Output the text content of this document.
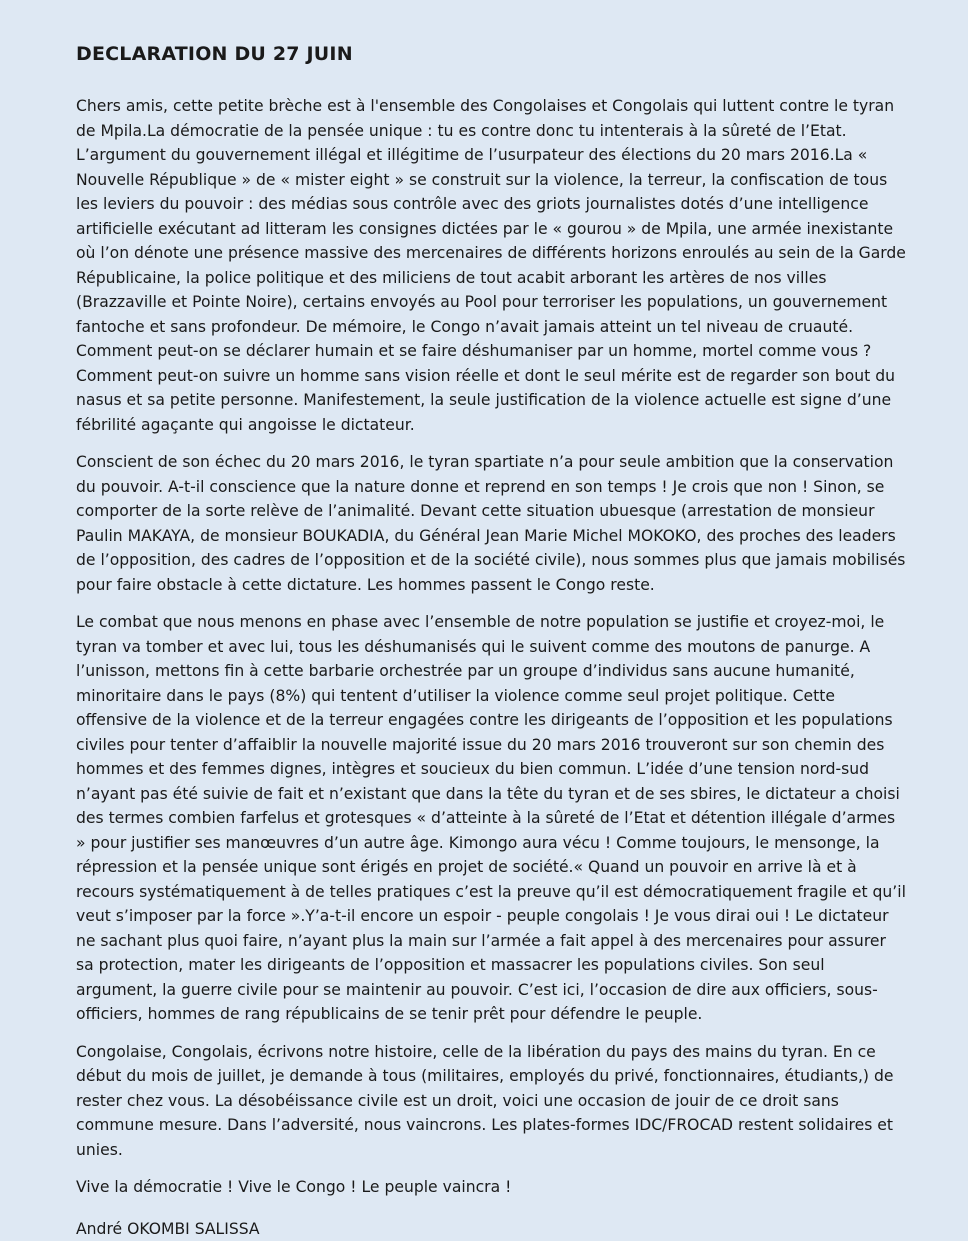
DECLARATION DU 27 JUIN

Chers amis, cette petite brèche est à l'ensemble des Congolaises et Congolais qui luttent contre le tyran de Mpila.La démocratie de la pensée unique : tu es contre donc tu intenterais à la sûreté de l’Etat. L’argument du gouvernement illégal et illégitime de l’usurpateur des élections du 20 mars 2016.La « Nouvelle République » de « mister eight » se construit sur la violence, la terreur, la confiscation de tous les leviers du pouvoir : des médias sous contrôle avec des griots journalistes dotés d’une intelligence artificielle exécutant ad litteram les consignes dictées par le « gourou » de Mpila, une armée inexistante où l’on dénote une présence massive des mercenaires de différents horizons enroulés au sein de la Garde Républicaine, la police politique et des miliciens de tout acabit arborant les artères de nos villes (Brazzaville et Pointe Noire), certains envoyés au Pool pour terroriser les populations, un gouvernement fantoche et sans profondeur. De mémoire, le Congo n’avait jamais atteint un tel niveau de cruauté. Comment peut-on se déclarer humain et se faire déshumaniser par un homme, mortel comme vous ? Comment peut-on suivre un homme sans vision réelle et dont le seul mérite est de regarder son bout du nasus et sa petite personne. Manifestement, la seule justification de la violence actuelle est signe d’une fébrilité agaçante qui angoisse le dictateur.

Conscient de son échec du 20 mars 2016, le tyran spartiate n’a pour seule ambition que la conservation du pouvoir. A-t-il conscience que la nature donne et reprend en son temps ! Je crois que non ! Sinon, se comporter de la sorte relève de l’animalité. Devant cette situation ubuesque (arrestation de monsieur Paulin MAKAYA, de monsieur BOUKADIA, du Général Jean Marie Michel MOKOKO, des proches des leaders de l’opposition, des cadres de l’opposition et de la société civile), nous sommes plus que jamais mobilisés pour faire obstacle à cette dictature. Les hommes passent le Congo reste.

Le combat que nous menons en phase avec l’ensemble de notre population se justifie et croyez-moi, le tyran va tomber et avec lui, tous les déshumanisés qui le suivent comme des moutons de panurge. A l’unisson, mettons fin à cette barbarie orchestrée par un groupe d’individus sans aucune humanité, minoritaire dans le pays (8%) qui tentent d’utiliser la violence comme seul projet politique. Cette offensive de la violence et de la terreur engagées contre les dirigeants de l’opposition et les populations civiles pour tenter d’affaiblir la nouvelle majorité issue du 20 mars 2016 trouveront sur son chemin des hommes et des femmes dignes, intègres et soucieux du bien commun. L’idée d’une tension nord-sud n’ayant pas été suivie de fait et n’existant que dans la tête du tyran et de ses sbires, le dictateur a choisi des termes combien farfelus et grotesques « d’atteinte à la sûreté de l’Etat et détention illégale d’armes » pour justifier ses manœuvres d’un autre âge. Kimongo aura vécu ! Comme toujours, le mensonge, la répression et la pensée unique sont érigés en projet de société.« Quand un pouvoir en arrive là et à recours systématiquement à de telles pratiques c’est la preuve qu’il est démocratiquement fragile et qu’il veut s’imposer par la force ».Y’a-t-il encore un espoir - peuple congolais ! Je vous dirai oui ! Le dictateur ne sachant plus quoi faire, n’ayant plus la main sur l’armée a fait appel à des mercenaires pour assurer sa protection, mater les dirigeants de l’opposition et massacrer les populations civiles. Son seul argument, la guerre civile pour se maintenir au pouvoir. C’est ici, l’occasion de dire aux officiers, sous-officiers, hommes de rang républicains de se tenir prêt pour défendre le peuple.

Congolaise, Congolais, écrivons notre histoire, celle de la libération du pays des mains du tyran. En ce début du mois de juillet, je demande à tous (militaires, employés du privé, fonctionnaires, étudiants,) de rester chez vous. La désobéissance civile est un droit, voici une occasion de jouir de ce droit sans commune mesure. Dans l’adversité, nous vaincrons. Les plates-formes IDC/FROCAD restent solidaires et unies.

Vive la démocratie ! Vive le Congo ! Le peuple vaincra !

André OKOMBI SALISSA
